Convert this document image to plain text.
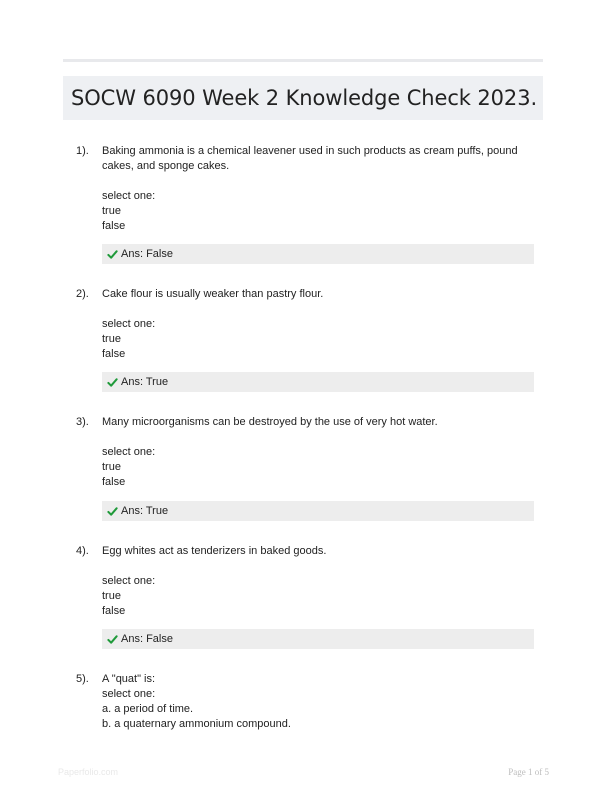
SOCW 6090 Week 2 Knowledge Check 2023.
1). Baking ammonia is a chemical leavener used in such products as cream puffs, pound cakes, and sponge cakes.

select one:

true

false

Ans: False
2). Cake flour is usually weaker than pastry flour.

select one:

true

false

Ans: True
3). Many microorganisms can be destroyed by the use of very hot water.

select one:

true

false

Ans: True
4). Egg whites act as tenderizers in baked goods.

select one:

true

false

Ans: False
5). A "quat" is:

select one:

a. a period of time.

b. a quaternary ammonium compound.

Paperfolio.com	Page 1 of 5
